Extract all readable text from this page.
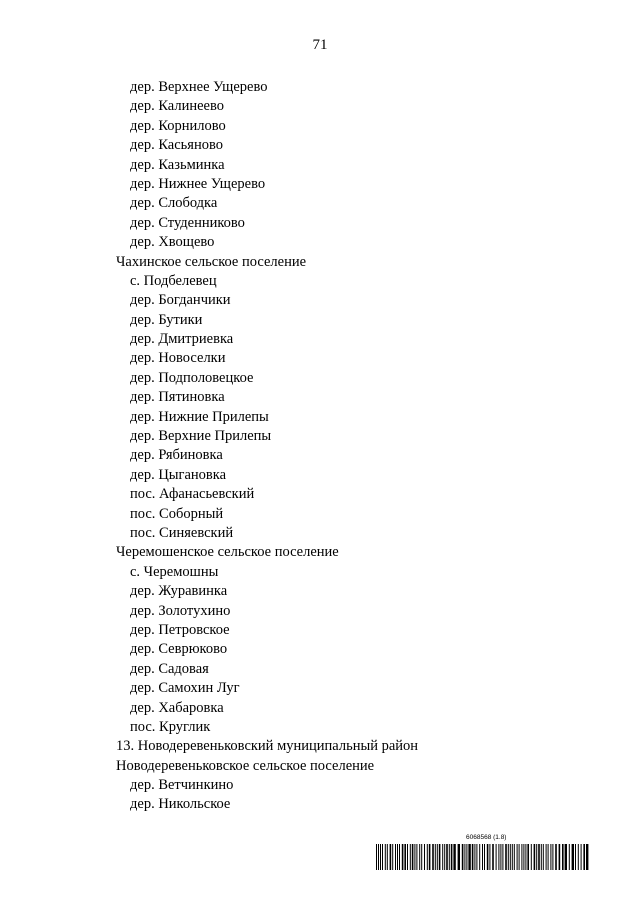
71
дер. Верхнее Ущерево
дер. Калинеево
дер. Корнилово
дер. Касьяново
дер. Казьминка
дер. Нижнее Ущерево
дер. Слободка
дер. Студенниково
дер. Хвощево
Чахинское сельское поселение
с. Подбелевец
дер. Богданчики
дер. Бутики
дер. Дмитриевка
дер. Новоселки
дер. Подполовецкое
дер. Пятиновка
дер. Нижние Прилепы
дер. Верхние Прилепы
дер. Рябиновка
дер. Цыгановка
пос. Афанасьевский
пос. Соборный
пос. Синяевский
Черемошенское сельское поселение
с. Черемошны
дер. Журавинка
дер. Золотухино
дер. Петровское
дер. Севрюково
дер. Садовая
дер. Самохин Луг
дер. Хабаровка
пос. Круглик
13. Новодеревеньковский муниципальный район
Новодеревеньковское сельское поселение
дер. Ветчинкино
дер. Никольское
6068568 (1.8)
